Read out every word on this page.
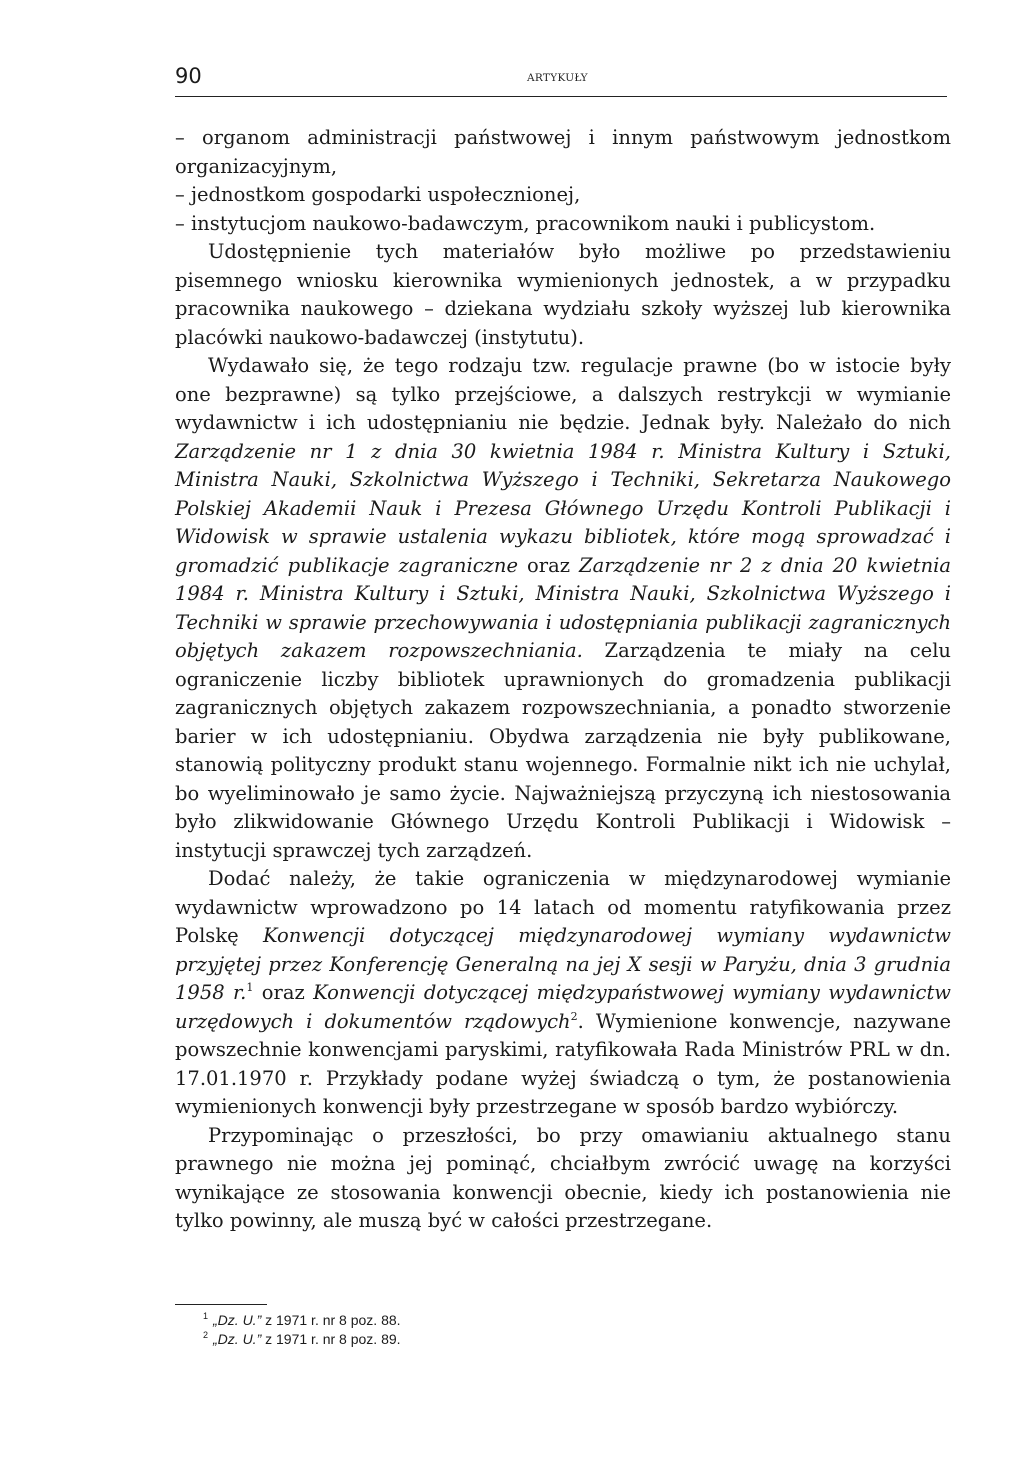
90	ARTYKUŁY

– organom administracji państwowej i innym państwowym jednostkom organizacyjnym,

– jednostkom gospodarki uspołecznionej,

– instytucjom naukowo-badawczym, pracownikom nauki i publicystom.

Udostępnienie tych materiałów było możliwe po przedstawieniu pisemnego wniosku kierownika wymienionych jednostek, a w przypadku pracownika naukowego – dziekana wydziału szkoły wyższej lub kierownika placówki naukowo-badawczej (instytutu).

Wydawało się, że tego rodzaju tzw. regulacje prawne (bo w istocie były one bezprawne) są tylko przejściowe, a dalszych restrykcji w wymianie wydawnictw i ich udostępnianiu nie będzie. Jednak były. Należało do nich Zarządzenie nr 1 z dnia 30 kwietnia 1984 r. Ministra Kultury i Sztuki, Ministra Nauki, Szkolnictwa Wyższego i Techniki, Sekretarza Naukowego Polskiej Akademii Nauk i Prezesa Głównego Urzędu Kontroli Publikacji i Widowisk w sprawie ustalenia wykazu bibliotek, które mogą sprowadzać i gromadzić publikacje zagraniczne oraz Zarządzenie nr 2 z dnia 20 kwietnia 1984 r. Ministra Kultury i Sztuki, Ministra Nauki, Szkolnictwa Wyższego i Techniki w sprawie przechowywania i udostępniania publikacji zagranicznych objętych zakazem rozpowszechniania. Zarządzenia te miały na celu ograniczenie liczby bibliotek uprawnionych do gromadzenia publikacji zagranicznych objętych zakazem rozpowszechniania, a ponadto stworzenie barier w ich udostępnianiu. Obydwa zarządzenia nie były publikowane, stanowią polityczny produkt stanu wojennego. Formalnie nikt ich nie uchylał, bo wyeliminowało je samo życie. Najważniejszą przyczyną ich niestosowania było zlikwidowanie Głównego Urzędu Kontroli Publikacji i Widowisk – instytucji sprawczej tych zarządzeń.

Dodać należy, że takie ograniczenia w międzynarodowej wymianie wydawnictw wprowadzono po 14 latach od momentu ratyfikowania przez Polskę Konwencji dotyczącej międzynarodowej wymiany wydawnictw przyjętej przez Konferencję Generalną na jej X sesji w Paryżu, dnia 3 grudnia 1958 r.$^1$ oraz Konwencji dotyczącej międzypaństwowej wymiany wydawnictw urzędowych i dokumentów rządowych$^2$. Wymienione konwencje, nazywane powszechnie konwencjami paryskimi, ratyfikowała Rada Ministrów PRL w dn. 17.01.1970 r. Przykłady podane wyżej świadczą o tym, że postanowienia wymienionych konwencji były przestrzegane w sposób bardzo wybiórczy.

Przypominając o przeszłości, bo przy omawianiu aktualnego stanu prawnego nie można jej pominąć, chciałbym zwrócić uwagę na korzyści wynikające ze stosowania konwencji obecnie, kiedy ich postanowienia nie tylko powinny, ale muszą być w całości przestrzegane.

$^1$ „Dz. U.” z 1971 r. nr 8 poz. 88.

$^2$ „Dz. U.” z 1971 r. nr 8 poz. 89.
